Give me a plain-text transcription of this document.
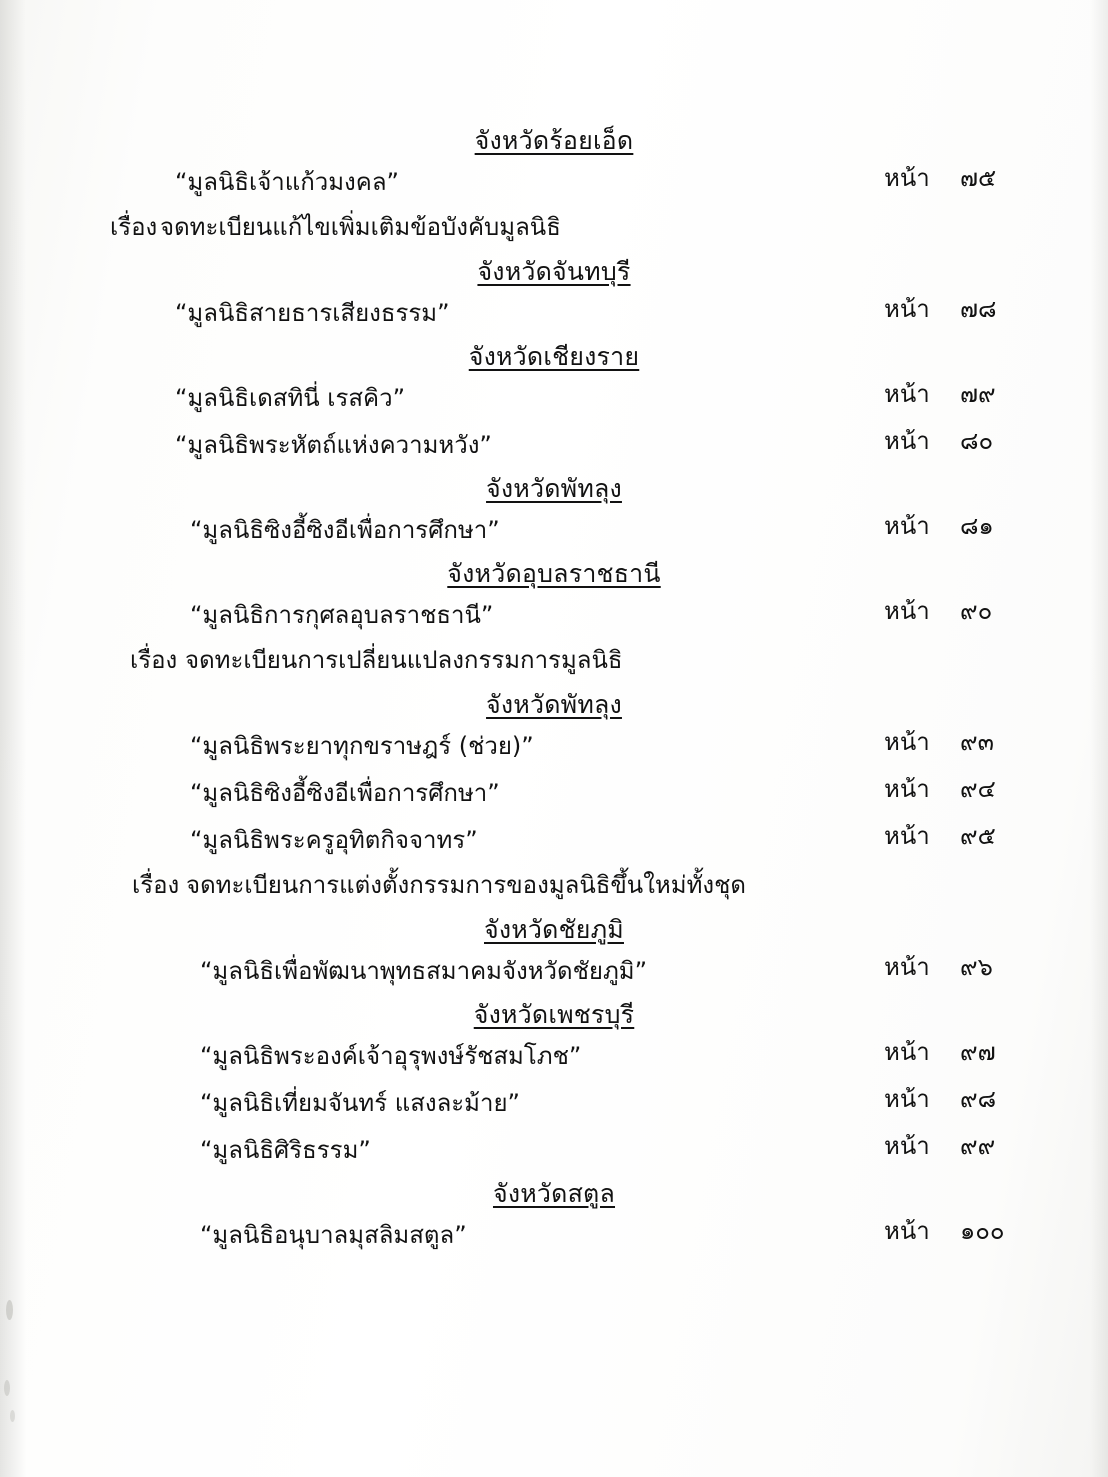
จังหวัดร้อยเอ็ด
“มูลนิธิเจ้าแก้วมงคล”	หน้า ๗๕
เรื่อง จดทะเบียนแก้ไขเพิ่มเติมข้อบังคับมูลนิธิ
จังหวัดจันทบุรี
“มูลนิธิสายธารเสียงธรรม”	หน้า ๗๘
จังหวัดเชียงราย
“มูลนิธิเดสทินี่ เรสคิว”	หน้า ๗๙
“มูลนิธิพระหัตถ์แห่งความหวัง”	หน้า ๘๐
จังหวัดพัทลุง
“มูลนิธิซิงอี้ซิงอีเพื่อการศึกษา”	หน้า ๘๑
จังหวัดอุบลราชธานี
“มูลนิธิการกุศลอุบลราชธานี”	หน้า ๙๐
เรื่อง จดทะเบียนการเปลี่ยนแปลงกรรมการมูลนิธิ
จังหวัดพัทลุง
“มูลนิธิพระยาทุกขราษฎร์ (ช่วย)”	หน้า ๙๓
“มูลนิธิซิงอี้ซิงอีเพื่อการศึกษา”	หน้า ๙๔
“มูลนิธิพระครูอุทิตกิจจาทร”	หน้า ๙๕
เรื่อง จดทะเบียนการแต่งตั้งกรรมการของมูลนิธิขึ้นใหม่ทั้งชุด
จังหวัดชัยภูมิ
“มูลนิธิเพื่อพัฒนาพุทธสมาคมจังหวัดชัยภูมิ”	หน้า ๙๖
จังหวัดเพชรบุรี
“มูลนิธิพระองค์เจ้าอุรุพงษ์รัชสมโภช”	หน้า ๙๗
“มูลนิธิเที่ยมจันทร์ แสงละม้าย”	หน้า ๙๘
“มูลนิธิศิริธรรม”	หน้า ๙๙
จังหวัดสตูล
“มูลนิธิอนุบาลมุสลิมสตูล”	หน้า ๑๐๐
